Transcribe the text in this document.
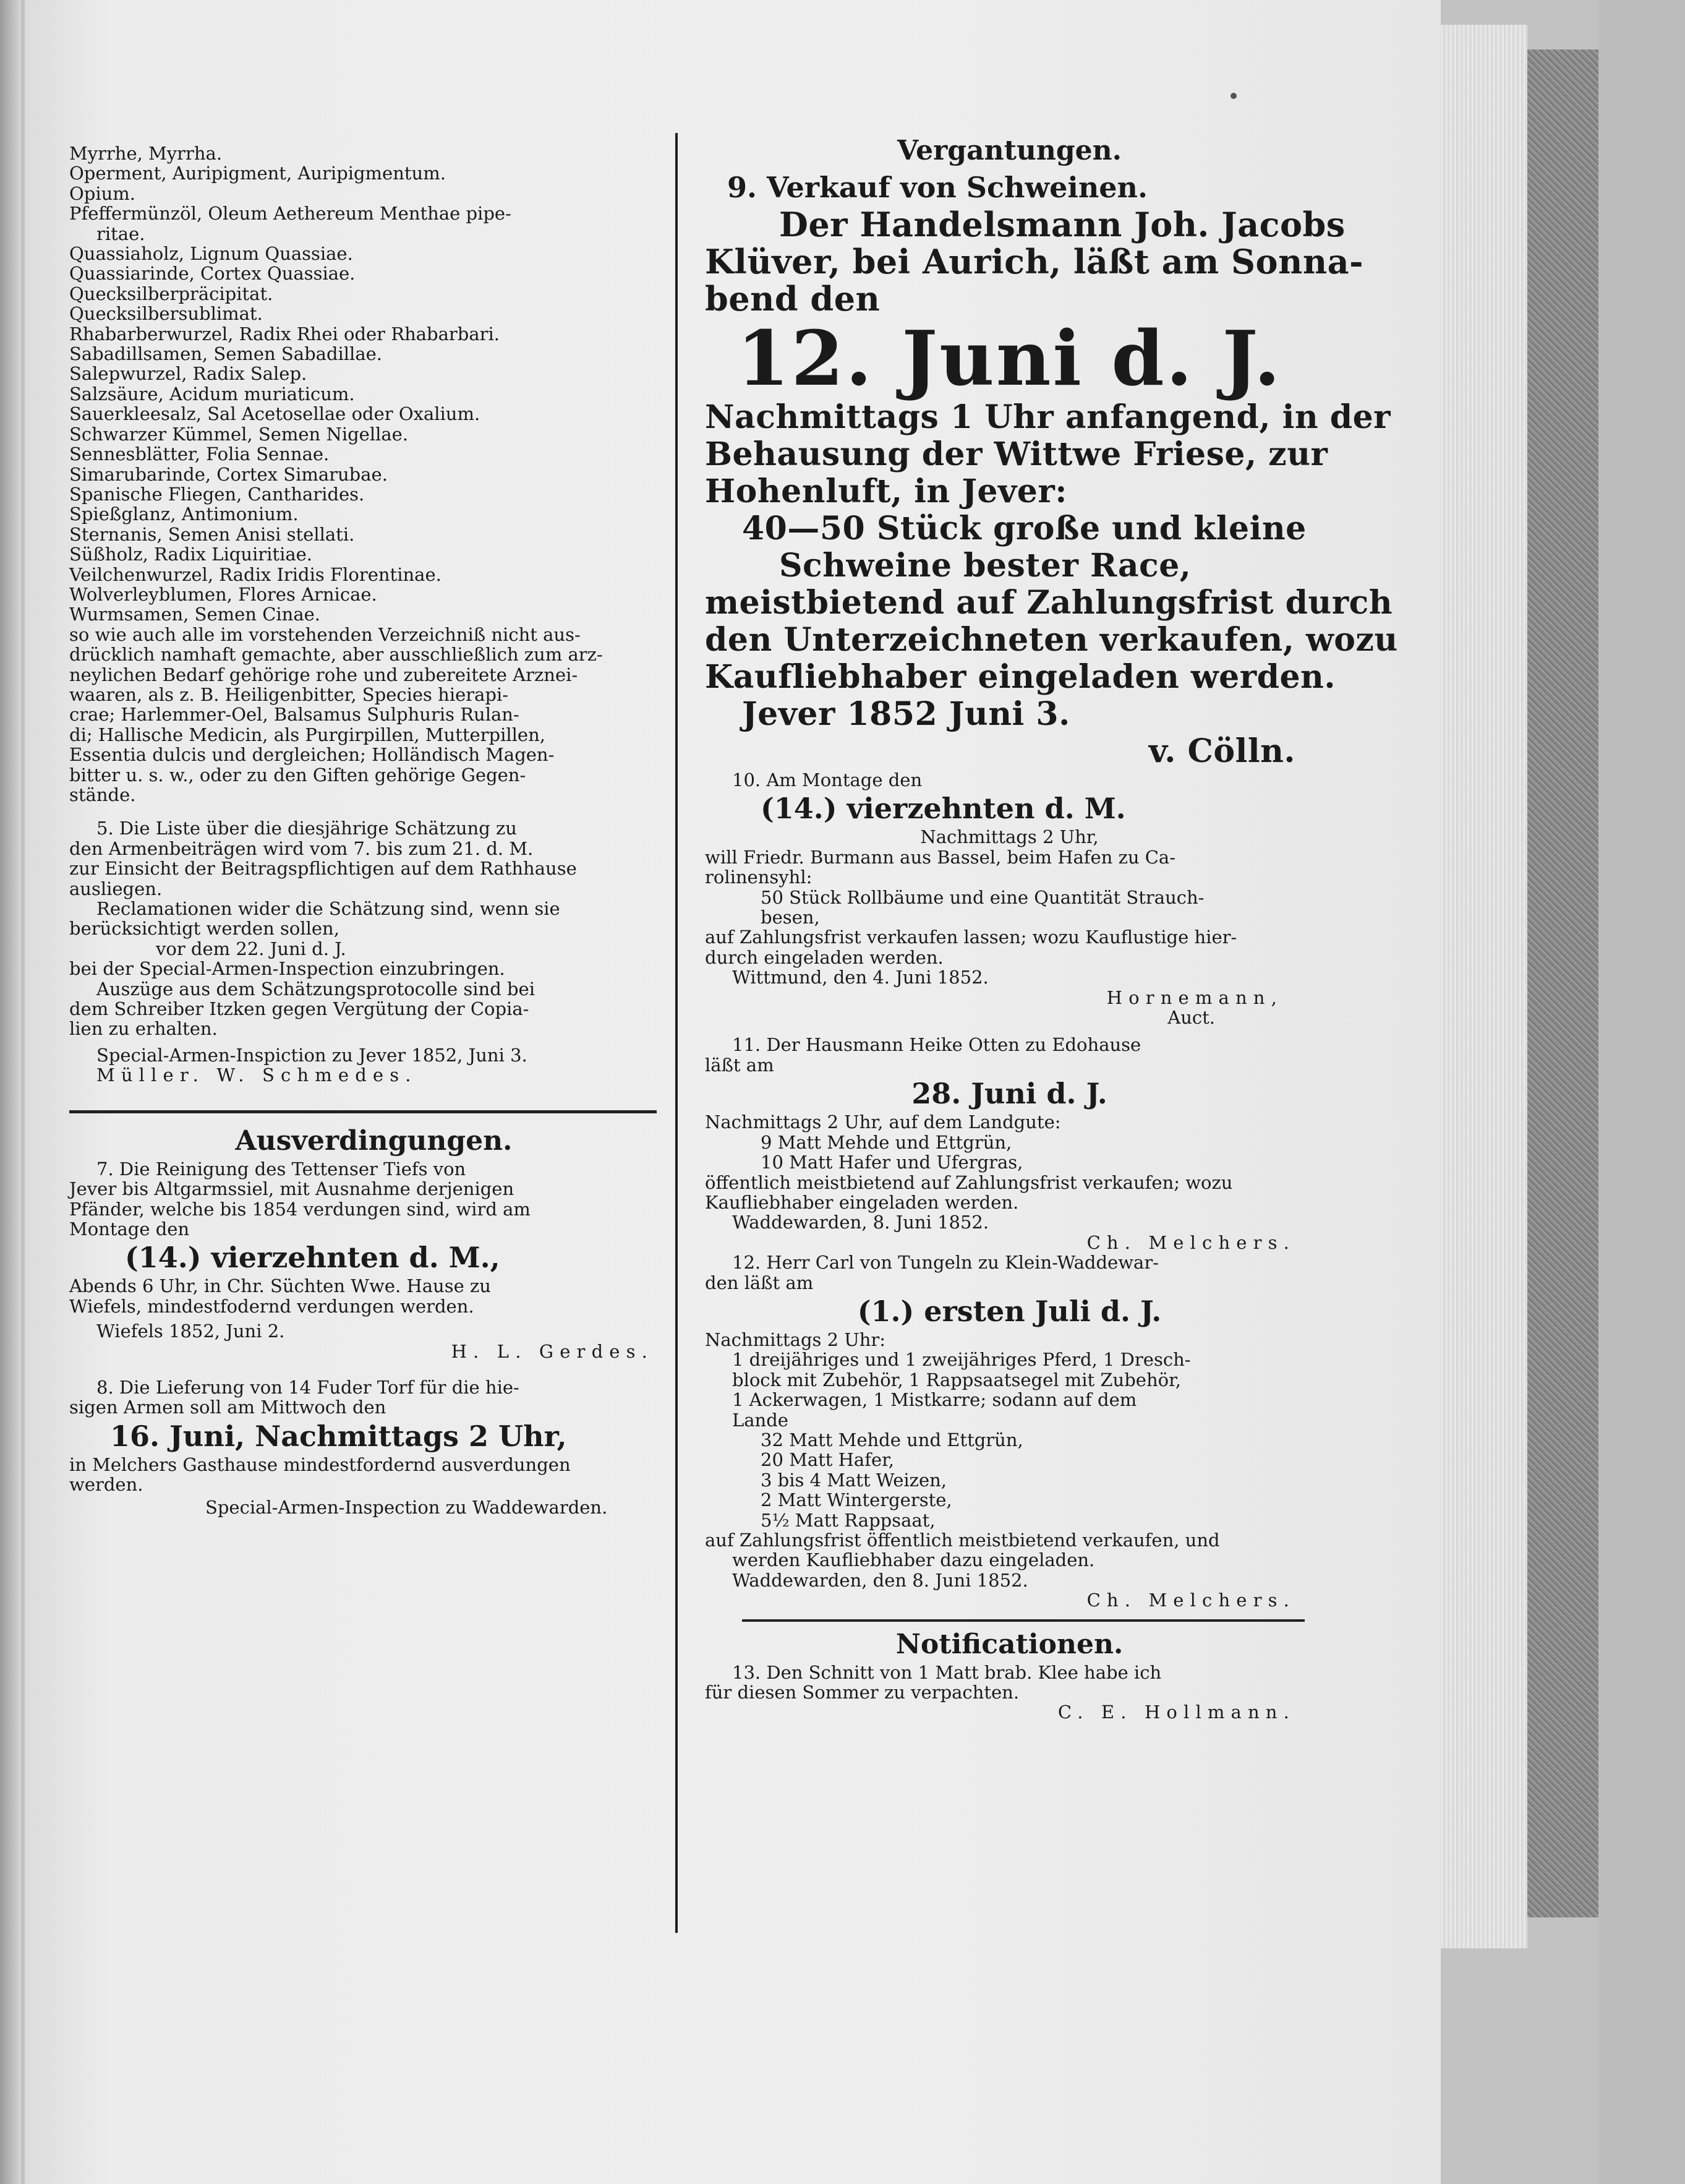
Myrrhe, Myrrha.
Operment, Auripigment, Auripigmentum.
Opium.
Pfeffermünzöl, Oleum Aethereum Menthae pipe-
ritae.
Quassiaholz, Lignum Quassiae.
Quassiarinde, Cortex Quassiae.
Quecksilberpräcipitat.
Quecksilbersublimat.
Rhabarberwurzel, Radix Rhei oder Rhabarbari.
Sabadillsamen, Semen Sabadillae.
Salepwurzel, Radix Salep.
Salzsäure, Acidum muriaticum.
Sauerkleesalz, Sal Acetosellae oder Oxalium.
Schwarzer Kümmel, Semen Nigellae.
Sennesblätter, Folia Sennae.
Simarubarinde, Cortex Simarubae.
Spanische Fliegen, Cantharides.
Spießglanz, Antimonium.
Sternanis, Semen Anisi stellati.
Süßholz, Radix Liquiritiae.
Veilchenwurzel, Radix Iridis Florentinae.
Wolverleyblumen, Flores Arnicae.
Wurmsamen, Semen Cinae.
so wie auch alle im vorstehenden Verzeichniß nicht aus-
drücklich namhaft gemachte, aber ausschließlich zum arz-
neylichen Bedarf gehörige rohe und zubereitete Arznei-
waaren, als z. B. Heiligenbitter, Species hierapi-
crae; Harlemmer-Oel, Balsamus Sulphuris Rulan-
di; Hallische Medicin, als Purgirpillen, Mutterpillen,
Essentia dulcis und dergleichen; Holländisch Magen-
bitter u. s. w., oder zu den Giften gehörige Gegen-
stände.
5. Die Liste über die diesjährige Schätzung zu
den Armenbeiträgen wird vom 7. bis zum 21. d. M.
zur Einsicht der Beitragspflichtigen auf dem Rathhause
ausliegen.
Reclamationen wider die Schätzung sind, wenn sie
berücksichtigt werden sollen,
vor dem 22. Juni d. J.
bei der Special-Armen-Inspection einzubringen.
Auszüge aus dem Schätzungsprotocolle sind bei
dem Schreiber Itzken gegen Vergütung der Copia-
lien zu erhalten.
Special-Armen-Inspiction zu Jever 1852, Juni 3.
Müller. W. Schmedes.
Ausverdingungen.
7. Die Reinigung des Tettenser Tiefs von
Jever bis Altgarmssiel, mit Ausnahme derjenigen
Pfänder, welche bis 1854 verdungen sind, wird am
Montage den
(14.) vierzehnten d. M.,
Abends 6 Uhr, in Chr. Süchten Wwe. Hause zu
Wiefels, mindestfodernd verdungen werden.
Wiefels 1852, Juni 2.
H. L. Gerdes.
8. Die Lieferung von 14 Fuder Torf für die hie-
sigen Armen soll am Mittwoch den
16. Juni, Nachmittags 2 Uhr,
in Melchers Gasthause mindestfordernd ausverdungen
werden.
Special-Armen-Inspection zu Waddewarden.
Vergantungen.
9. Verkauf von Schweinen.
Der Handelsmann Joh. Jacobs
Klüver, bei Aurich, läßt am Sonna-
bend den
12. Juni d. J.
Nachmittags 1 Uhr anfangend, in der
Behausung der Wittwe Friese, zur
Hohenluft, in Jever:
40—50 Stück große und kleine
Schweine bester Race,
meistbietend auf Zahlungsfrist durch
den Unterzeichneten verkaufen, wozu
Kaufliebhaber eingeladen werden.
Jever 1852 Juni 3.
v. Cölln.
10. Am Montage den
(14.) vierzehnten d. M.
Nachmittags 2 Uhr,
will Friedr. Burmann aus Bassel, beim Hafen zu Ca-
rolinensyhl:
50 Stück Rollbäume und eine Quantität Strauch-
besen,
auf Zahlungsfrist verkaufen lassen; wozu Kauflustige hier-
durch eingeladen werden.
Wittmund, den 4. Juni 1852.
Hornemann,
Auct.
11. Der Hausmann Heike Otten zu Edohause
läßt am
28. Juni d. J.
Nachmittags 2 Uhr, auf dem Landgute:
9 Matt Mehde und Ettgrün,
10 Matt Hafer und Ufergras,
öffentlich meistbietend auf Zahlungsfrist verkaufen; wozu
Kaufliebhaber eingeladen werden.
Waddewarden, 8. Juni 1852.
Ch. Melchers.
12. Herr Carl von Tungeln zu Klein-Waddewar-
den läßt am
(1.) ersten Juli d. J.
Nachmittags 2 Uhr:
1 dreijähriges und 1 zweijähriges Pferd, 1 Dresch-
block mit Zubehör, 1 Rappsaatsegel mit Zubehör,
1 Ackerwagen, 1 Mistkarre; sodann auf dem
Lande
32 Matt Mehde und Ettgrün,
20 Matt Hafer,
3 bis 4 Matt Weizen,
2 Matt Wintergerste,
5½ Matt Rappsaat,
auf Zahlungsfrist öffentlich meistbietend verkaufen, und
werden Kaufliebhaber dazu eingeladen.
Waddewarden, den 8. Juni 1852.
Ch. Melchers.
Notificationen.
13. Den Schnitt von 1 Matt brab. Klee habe ich
für diesen Sommer zu verpachten.
C. E. Hollmann.
